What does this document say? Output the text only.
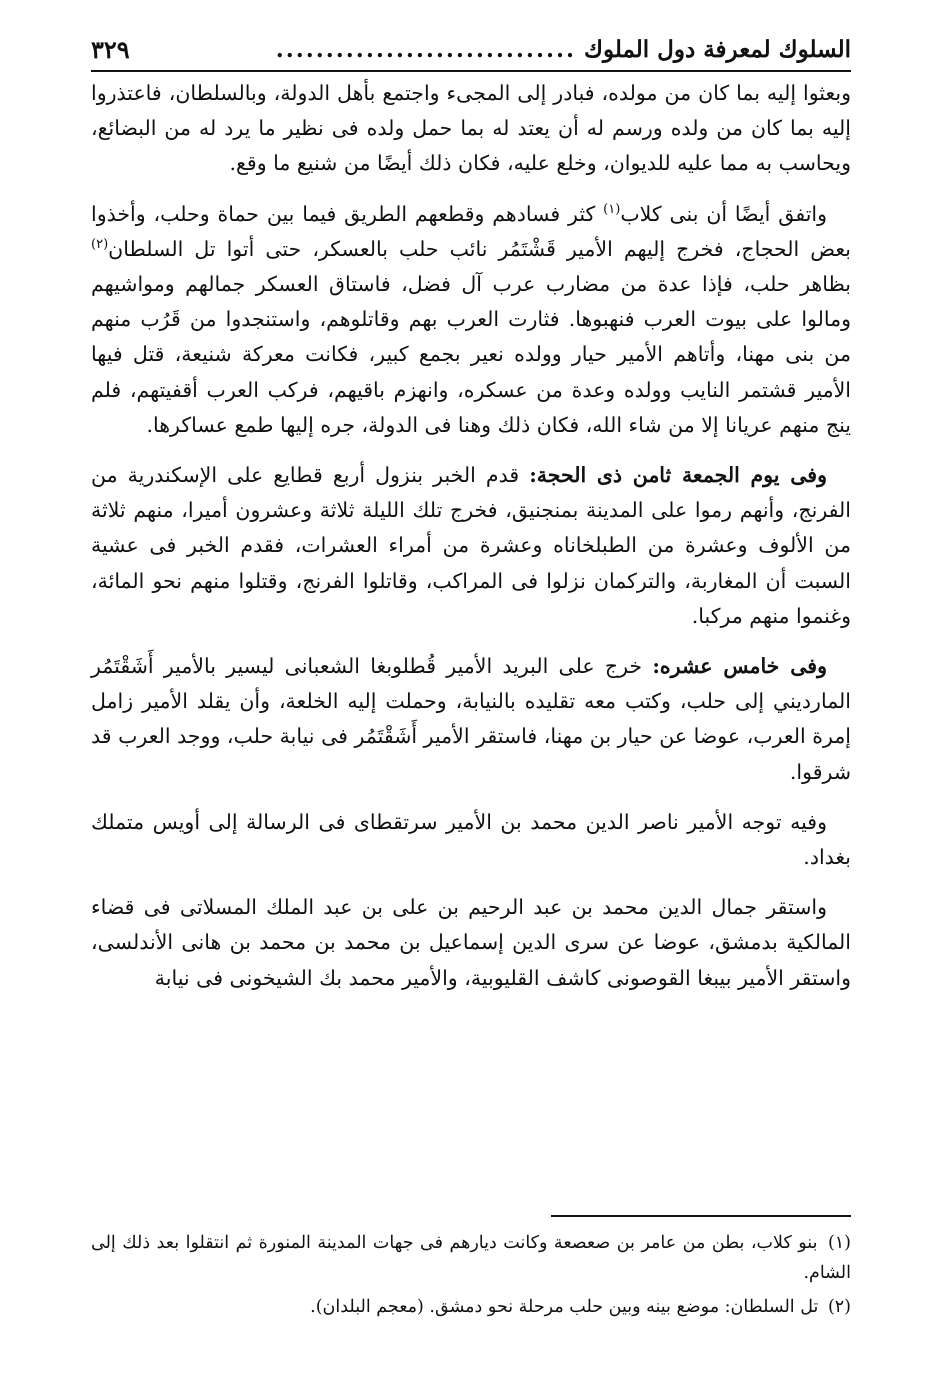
السلوك لمعرفة دول الملوك
..............................
٣٢٩

وبعثوا إليه بما كان من مولده، فبادر إلى المجىء واجتمع بأهل الدولة، وبالسلطان، فاعتذروا إليه بما كان من ولده ورسم له أن يعتد له بما حمل ولده فى نظير ما يرد له من البضائع، ويحاسب به مما عليه للديوان، وخلع عليه، فكان ذلك أيضًا من شنيع ما وقع.

واتفق أيضًا أن بنى كلاب$^{(١)}$ كثر فسادهم وقطعهم الطريق فيما بين حماة وحلب، وأخذوا بعض الحجاج، فخرج إليهم الأمير قَشْتَمُر نائب حلب بالعسكر، حتى أتوا تل السلطان$^{(٢)}$ بظاهر حلب، فإذا عدة من مضارب عرب آل فضل، فاستاق العسكر جمالهم ومواشيهم ومالوا على بيوت العرب فنهبوها. فثارت العرب بهم وقاتلوهم، واستنجدوا من قَرُب منهم من بنى مهنا، وأتاهم الأمير حيار وولده نعير بجمع كبير، فكانت معركة شنيعة، قتل فيها الأمير قشتمر النايب وولده وعدة من عسكره، وانهزم باقيهم، فركب العرب أقفيتهم، فلم ينج منهم عريانا إلا من شاء الله، فكان ذلك وهنا فى الدولة، جره إليها طمع عساكرها.

وفى يوم الجمعة ثامن ذى الحجة: قدم الخبر بنزول أربع قطايع على الإسكندرية من الفرنج، وأنهم رموا على المدينة بمنجنيق، فخرج تلك الليلة ثلاثة وعشرون أميرا، منهم ثلاثة من الألوف وعشرة من الطبلخاناه وعشرة من أمراء العشرات، فقدم الخبر فى عشية السبت أن المغاربة، والتركمان نزلوا فى المراكب، وقاتلوا الفرنج، وقتلوا منهم نحو المائة، وغنموا منهم مركبا.

وفى خامس عشره: خرج على البريد الأمير قُطلوبغا الشعبانى ليسير بالأمير أَشَقْتَمُر المارديني إلى حلب، وكتب معه تقليده بالنيابة، وحملت إليه الخلعة، وأن يقلد الأمير زامل إمرة العرب، عوضا عن حيار بن مهنا، فاستقر الأمير أَشَقْتَمُر فى نيابة حلب، ووجد العرب قد شرقوا.

وفيه توجه الأمير ناصر الدين محمد بن الأمير سرتقطاى فى الرسالة إلى أويس متملك بغداد.

واستقر جمال الدين محمد بن عبد الرحيم بن على بن عبد الملك المسلاتى فى قضاء المالكية بدمشق، عوضا عن سرى الدين إسماعيل بن محمد بن محمد بن هانى الأندلسى، واستقر الأمير بيبغا القوصونى كاشف القليوبية، والأمير محمد بك الشيخونى فى نيابة

(١) بنو كلاب، بطن من عامر بن صعصعة وكانت ديارهم فى جهات المدينة المنورة ثم انتقلوا بعد ذلك إلى الشام.

(٢) تل السلطان: موضع بينه وبين حلب مرحلة نحو دمشق. (معجم البلدان).
